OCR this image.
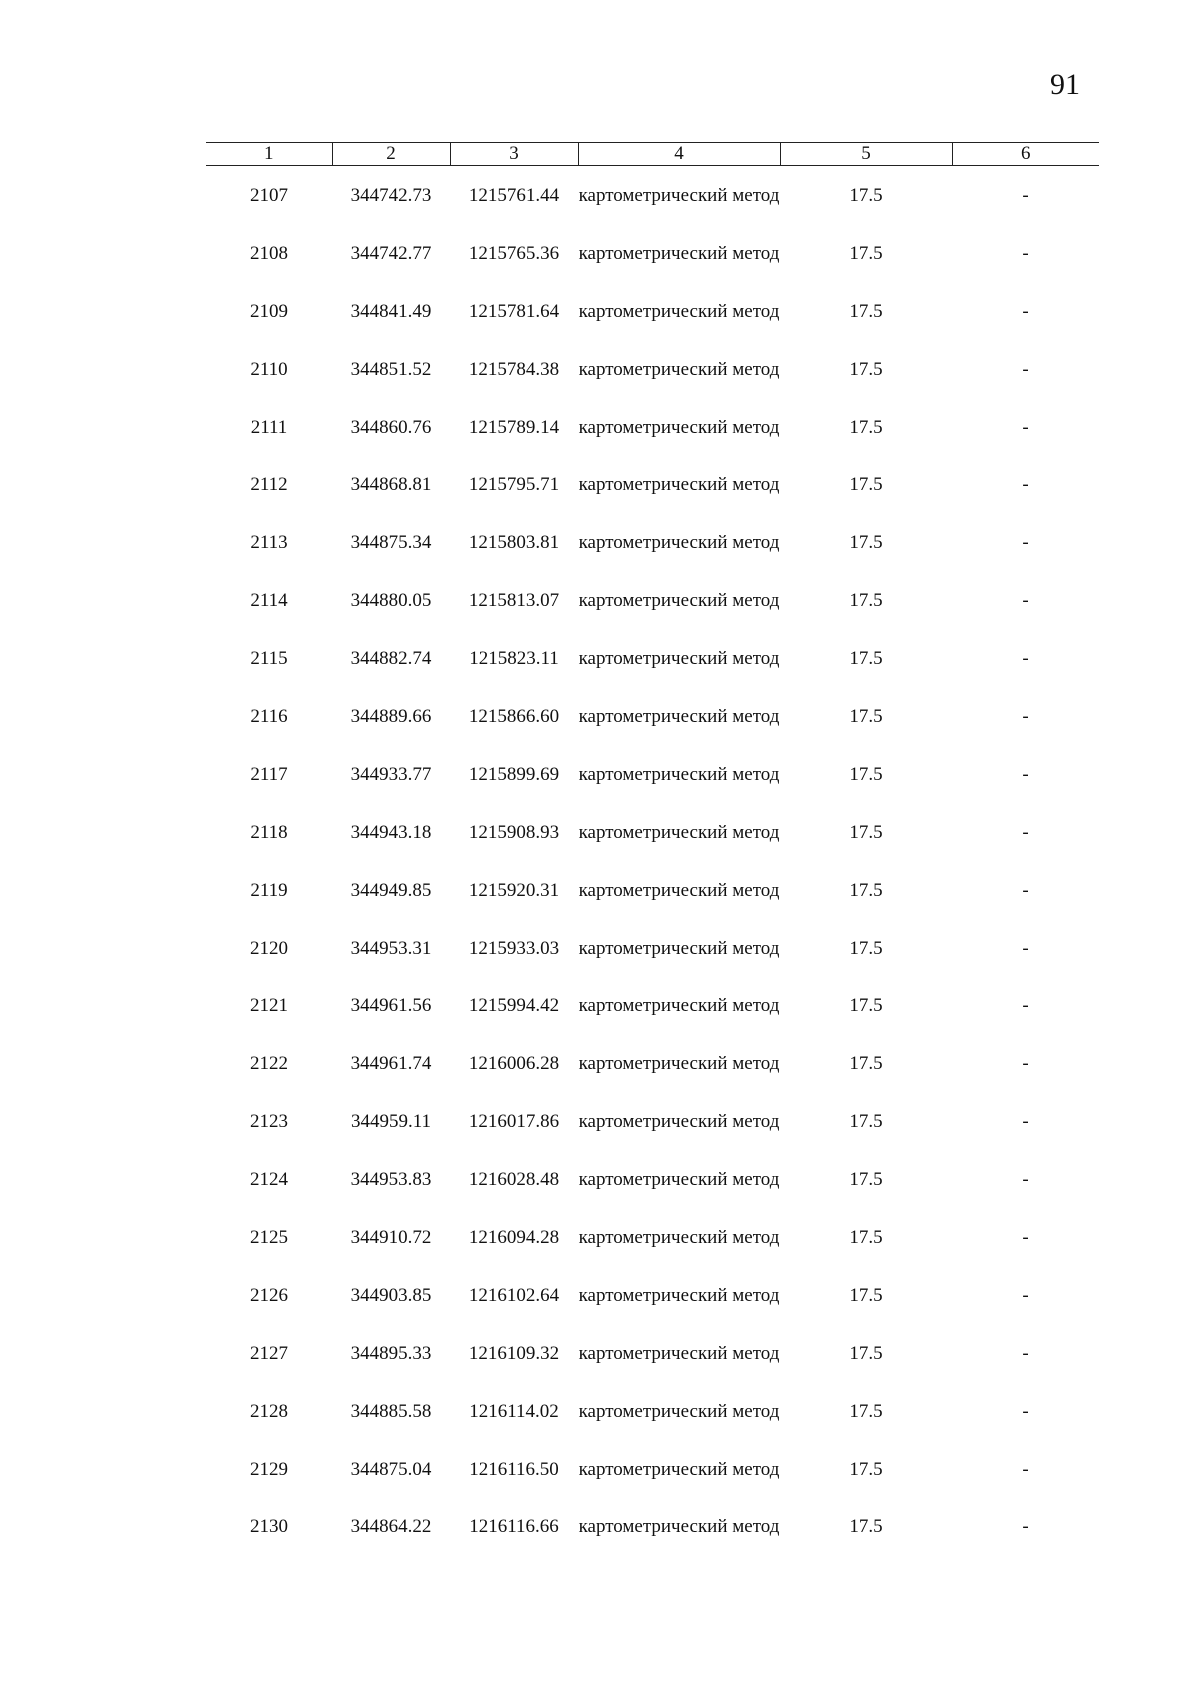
91
1	2	3	4	5	6
2107	344742.73	1215761.44	картометрический метод	17.5	-
2108	344742.77	1215765.36	картометрический метод	17.5	-
2109	344841.49	1215781.64	картометрический метод	17.5	-
2110	344851.52	1215784.38	картометрический метод	17.5	-
2111	344860.76	1215789.14	картометрический метод	17.5	-
2112	344868.81	1215795.71	картометрический метод	17.5	-
2113	344875.34	1215803.81	картометрический метод	17.5	-
2114	344880.05	1215813.07	картометрический метод	17.5	-
2115	344882.74	1215823.11	картометрический метод	17.5	-
2116	344889.66	1215866.60	картометрический метод	17.5	-
2117	344933.77	1215899.69	картометрический метод	17.5	-
2118	344943.18	1215908.93	картометрический метод	17.5	-
2119	344949.85	1215920.31	картометрический метод	17.5	-
2120	344953.31	1215933.03	картометрический метод	17.5	-
2121	344961.56	1215994.42	картометрический метод	17.5	-
2122	344961.74	1216006.28	картометрический метод	17.5	-
2123	344959.11	1216017.86	картометрический метод	17.5	-
2124	344953.83	1216028.48	картометрический метод	17.5	-
2125	344910.72	1216094.28	картометрический метод	17.5	-
2126	344903.85	1216102.64	картометрический метод	17.5	-
2127	344895.33	1216109.32	картометрический метод	17.5	-
2128	344885.58	1216114.02	картометрический метод	17.5	-
2129	344875.04	1216116.50	картометрический метод	17.5	-
2130	344864.22	1216116.66	картометрический метод	17.5	-
